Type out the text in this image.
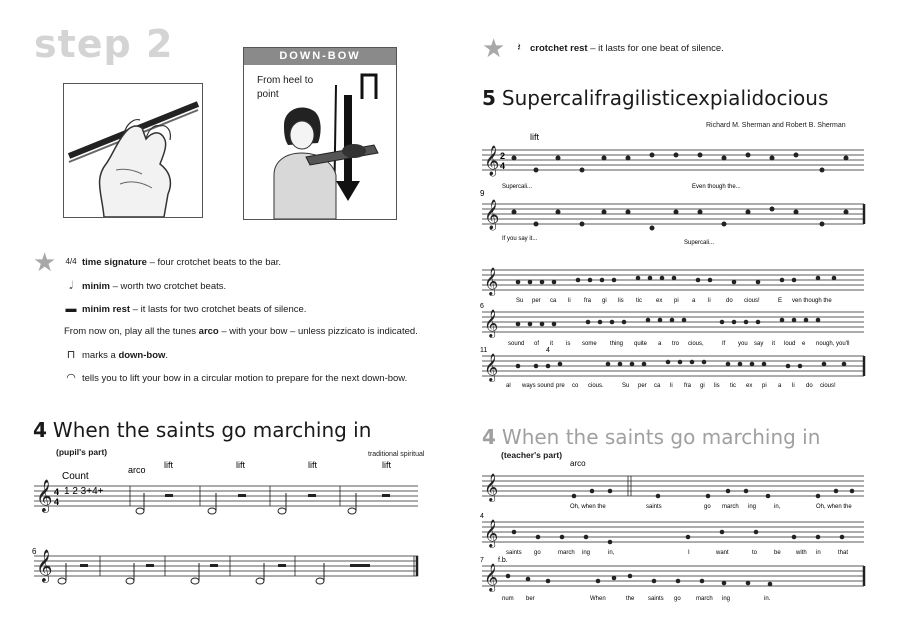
step 2	DOWN-BOW
From heel to point
★ 4/4 time signature – four crotchet beats to the bar.
𝅗𝅥 minim – worth two crotchet beats.
▬ minim rest – it lasts for two crotchet beats of silence.
From now on, play all the tunes arco – with your bow – unless pizzicato is indicated.
⊓ marks a down-bow.
◠ tells you to lift your bow in a circular motion to prepare for the next down-bow.
4 When the saints go marching in
(pupil's part)	traditional spiritual
𝄞
𝄞
4
4
Count
1 2 3+4+
arco lift	lift	lift	lift
6
★	𝄽 crotchet rest – it lasts for one beat of silence.
5 Supercalifragilisticexpialidocious
Richard M. Sherman and Robert B. Sherman
𝄞
𝄞
2
4
lift
Supercali...	Even though the...
9
If you say it...
Supercali...
𝄞
𝄞
𝄞
6
11	4
Su per ca li fra gi lis tic ex pi a li	do cious!	E ven though the
sound of it is some thing quite a tro cious,	If you say it loud e nough, you'll
al ways sound pre co cious.	Su per ca li fra gi lis tic ex pi a li do cious!
4 When the saints go marching in
(teacher's part)
𝄞
𝄞
𝄞
arco
4
7 f.b.
Oh, when the	saints	go march ing	in,	Oh, when the
saints go	march ing	in,	I	want	to	be	with in	that
num ber	When	the saints go	march ing	in.
